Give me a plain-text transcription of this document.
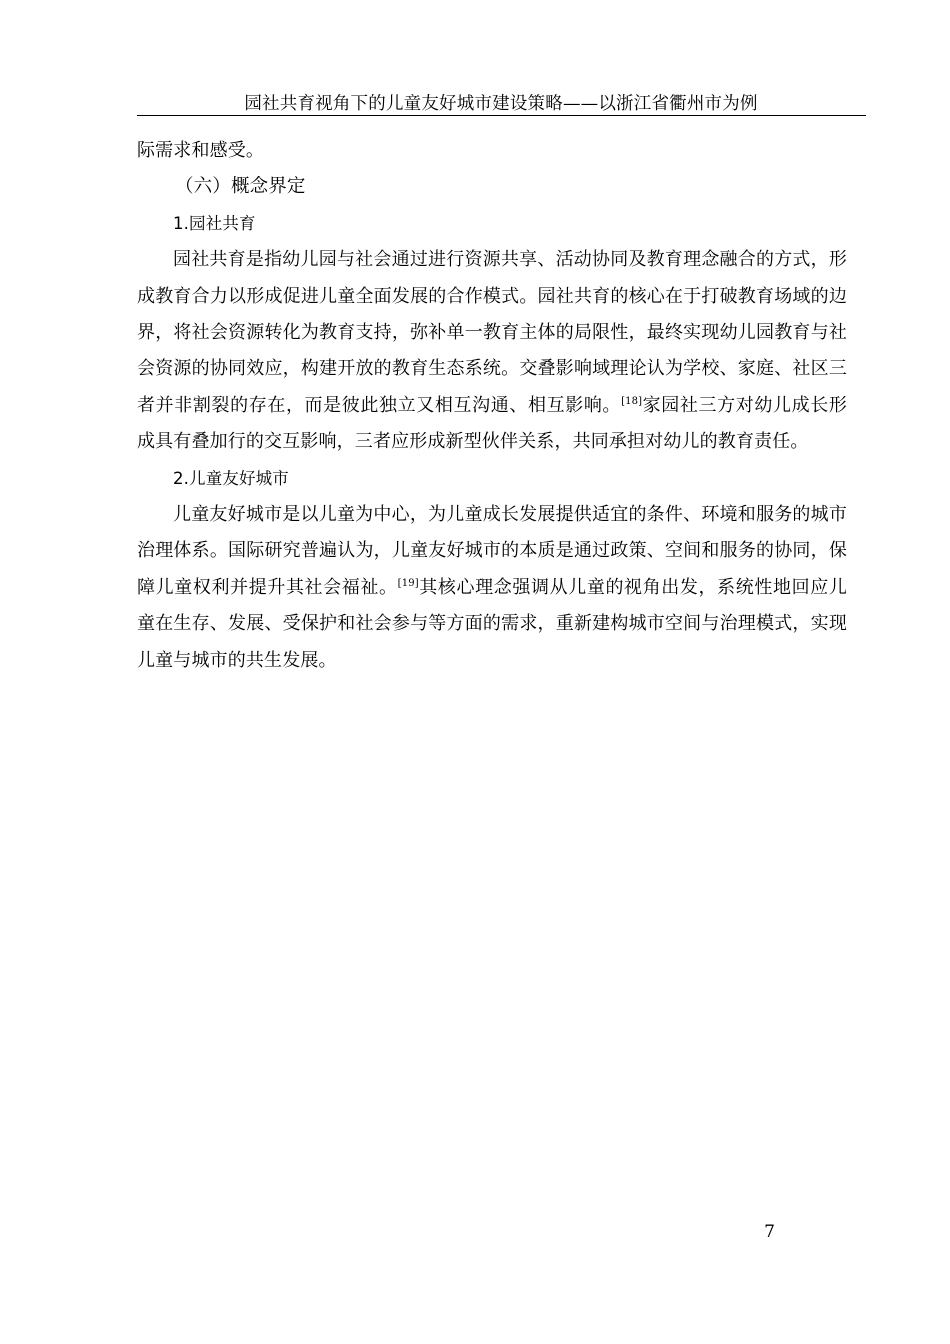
园社共育视角下的儿童友好城市建设策略——以浙江省衢州市为例

际需求和感受。

（六）概念界定
1.园社共育

园社共育是指幼儿园与社会通过进行资源共享、活动协同及教育理念融合的方式，形成教育合力以形成促进儿童全面发展的合作模式。园社共育的核心在于打破教育场域的边界，将社会资源转化为教育支持，弥补单一教育主体的局限性，最终实现幼儿园教育与社会资源的协同效应，构建开放的教育生态系统。交叠影响域理论认为学校、家庭、社区三者并非割裂的存在，而是彼此独立又相互沟通、相互影响。[18]家园社三方对幼儿成长形成具有叠加行的交互影响，三者应形成新型伙伴关系，共同承担对幼儿的教育责任。

2.儿童友好城市

儿童友好城市是以儿童为中心，为儿童成长发展提供适宜的条件、环境和服务的城市治理体系。国际研究普遍认为，儿童友好城市的本质是通过政策、空间和服务的协同，保障儿童权利并提升其社会福祉。[19]其核心理念强调从儿童的视角出发，系统性地回应儿童在生存、发展、受保护和社会参与等方面的需求，重新建构城市空间与治理模式，实现儿童与城市的共生发展。

7
